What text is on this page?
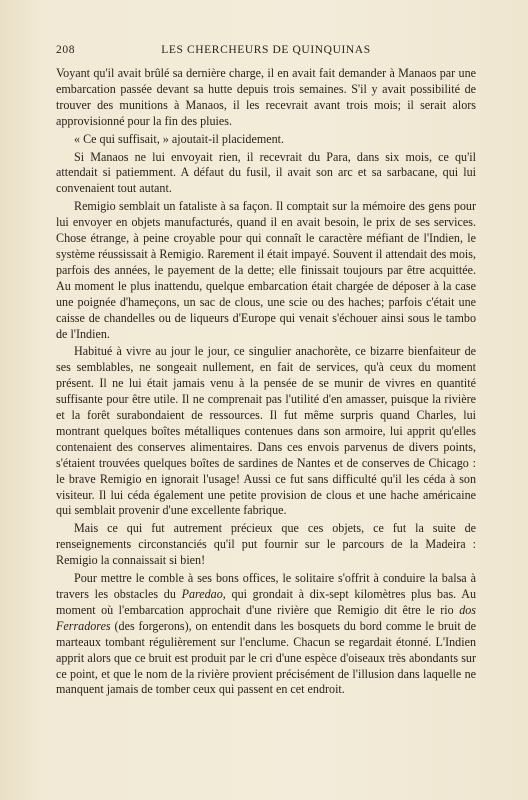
208	LES CHERCHEURS DE QUINQUINAS

Voyant qu'il avait brûlé sa dernière charge, il en avait fait demander à Manaos par une embarcation passée devant sa hutte depuis trois semaines. S'il y avait possibilité de trouver des munitions à Manaos, il les recevrait avant trois mois; il serait alors approvisionné pour la fin des pluies.

« Ce qui suffisait, » ajoutait-il placidement.

Si Manaos ne lui envoyait rien, il recevrait du Para, dans six mois, ce qu'il attendait si patiemment. A défaut du fusil, il avait son arc et sa sarbacane, qui lui convenaient tout autant.

Remigio semblait un fataliste à sa façon. Il comptait sur la mémoire des gens pour lui envoyer en objets manufacturés, quand il en avait besoin, le prix de ses services. Chose étrange, à peine croyable pour qui connaît le caractère méfiant de l'Indien, le système réussissait à Remigio. Rarement il était impayé. Souvent il attendait des mois, parfois des années, le payement de la dette; elle finissait toujours par être acquittée. Au moment le plus inattendu, quelque embarcation était chargée de déposer à la case une poignée d'hameçons, un sac de clous, une scie ou des haches; parfois c'était une caisse de chandelles ou de liqueurs d'Europe qui venait s'échouer ainsi sous le tambo de l'Indien.

Habitué à vivre au jour le jour, ce singulier anachorète, ce bizarre bienfaiteur de ses semblables, ne songeait nullement, en fait de services, qu'à ceux du moment présent. Il ne lui était jamais venu à la pensée de se munir de vivres en quantité suffisante pour être utile. Il ne comprenait pas l'utilité d'en amasser, puisque la rivière et la forêt surabondaient de ressources. Il fut même surpris quand Charles, lui montrant quelques boîtes métalliques contenues dans son armoire, lui apprit qu'elles contenaient des conserves alimentaires. Dans ces envois parvenus de divers points, s'étaient trouvées quelques boîtes de sardines de Nantes et de conserves de Chicago : le brave Remigio en ignorait l'usage! Aussi ce fut sans difficulté qu'il les céda à son visiteur. Il lui céda également une petite provision de clous et une hache américaine qui semblait provenir d'une excellente fabrique.

Mais ce qui fut autrement précieux que ces objets, ce fut la suite de renseignements circonstanciés qu'il put fournir sur le parcours de la Madeira : Remigio la connaissait si bien!

Pour mettre le comble à ses bons offices, le solitaire s'offrit à conduire la balsa à travers les obstacles du Paredao, qui grondait à dix-sept kilomètres plus bas. Au moment où l'embarcation approchait d'une rivière que Remigio dit être le rio dos Ferradores (des forgerons), on entendit dans les bosquets du bord comme le bruit de marteaux tombant régulièrement sur l'enclume. Chacun se regardait étonné. L'Indien apprit alors que ce bruit est produit par le cri d'une espèce d'oiseaux très abondants sur ce point, et que le nom de la rivière provient précisément de l'illusion dans laquelle ne manquent jamais de tomber ceux qui passent en cet endroit.
